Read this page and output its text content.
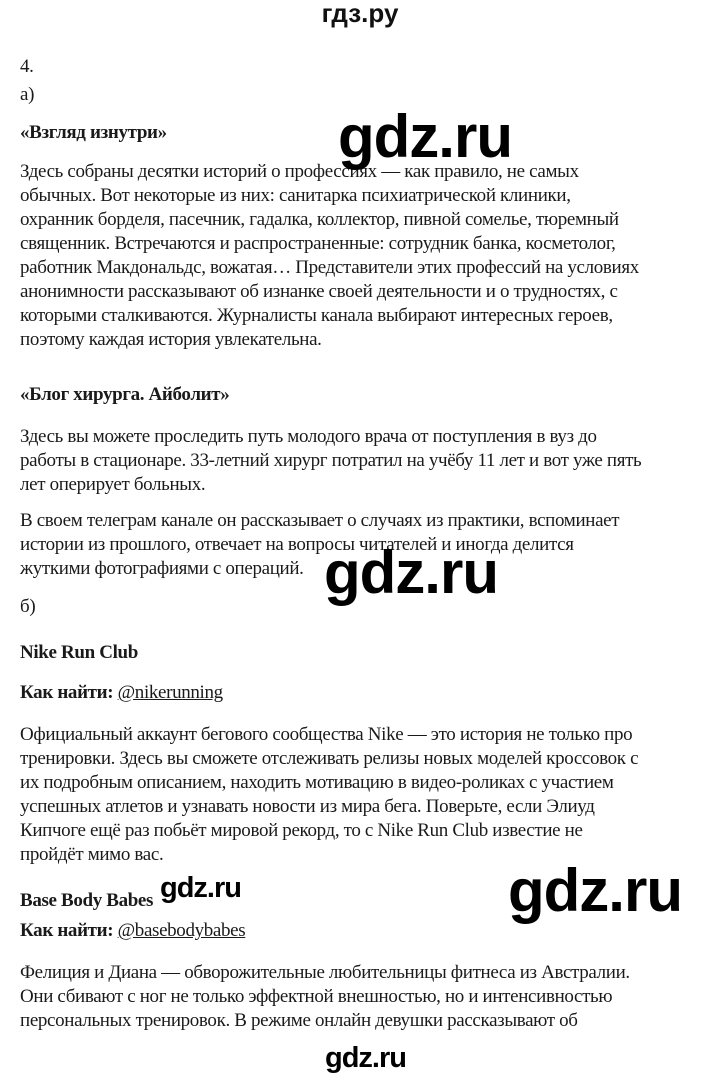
гдз.ру
4.
а)
«Взгляд изнутри»
Здесь собраны десятки историй о профессиях — как правило, не самых
обычных. Вот некоторые из них: санитарка психиатрической клиники,
охранник борделя, пасечник, гадалка, коллектор, пивной сомелье, тюремный
священник. Встречаются и распространенные: сотрудник банка, косметолог,
работник Макдональдс, вожатая… Представители этих профессий на условиях
анонимности рассказывают об изнанке своей деятельности и о трудностях, с
которыми сталкиваются. Журналисты канала выбирают интересных героев,
поэтому каждая история увлекательна.
«Блог хирурга. Айболит»
Здесь вы можете проследить путь молодого врача от поступления в вуз до
работы в стационаре. 33-летний хирург потратил на учёбу 11 лет и вот уже пять
лет оперирует больных.
В своем телеграм канале он рассказывает о случаях из практики, вспоминает
истории из прошлого, отвечает на вопросы читателей и иногда делится
жуткими фотографиями с операций.
б)
Nike Run Club
Как найти: @nikerunning
Официальный аккаунт бегового сообщества Nike — это история не только про
тренировки. Здесь вы сможете отслеживать релизы новых моделей кроссовок с
их подробным описанием, находить мотивацию в видео-роликах с участием
успешных атлетов и узнавать новости из мира бега. Поверьте, если Элиуд
Кипчоге ещё раз побьёт мировой рекорд, то с Nike Run Club известие не
пройдёт мимо вас.
Base Body Babes
Как найти: @basebodybabes
Фелиция и Диана — обворожительные любительницы фитнеса из Австралии.
Они сбивают с ног не только эффектной внешностью, но и интенсивностью
персональных тренировок. В режиме онлайн девушки рассказывают об
gdz.ru
gdz.ru
gdz.ru	gdz.ru
gdz.ru
